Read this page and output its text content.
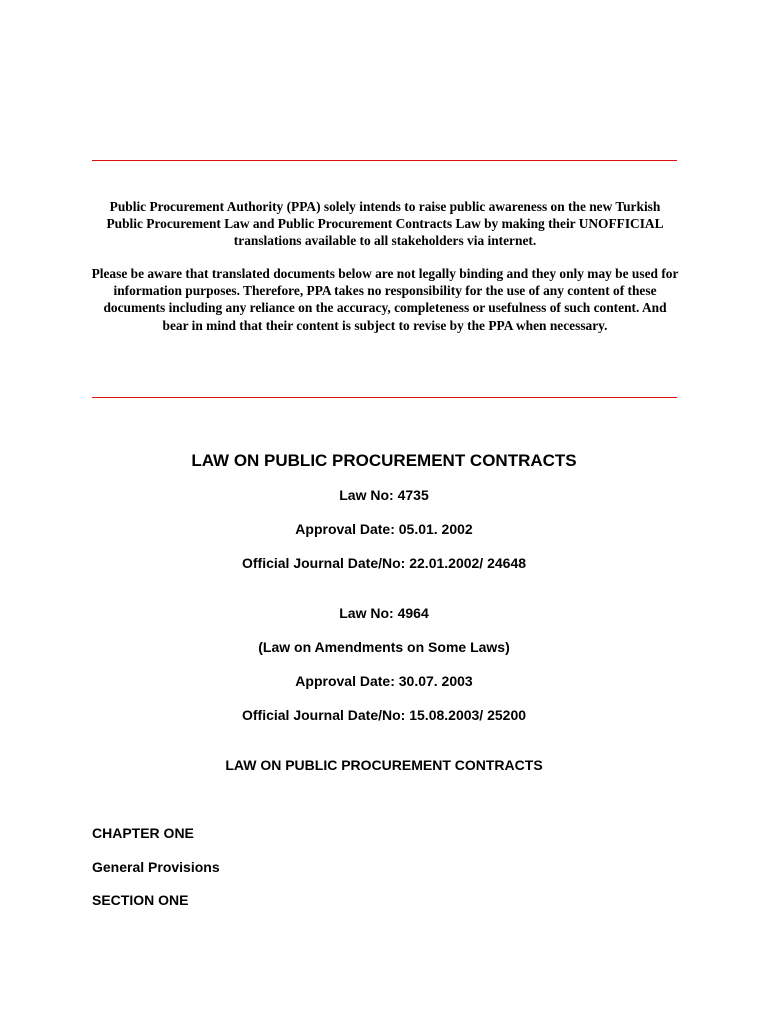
Public Procurement Authority (PPA) solely intends to raise public awareness on the new Turkish Public Procurement Law and Public Procurement Contracts Law by making their UNOFFICIAL translations available to all stakeholders via internet.

Please be aware that translated documents below are not legally binding and they only may be used for information purposes. Therefore, PPA takes no responsibility for the use of any content of these documents including any reliance on the accuracy, completeness or usefulness of such content. And bear in mind that their content is subject to revise by the PPA when necessary.

LAW ON PUBLIC PROCUREMENT CONTRACTS

Law No: 4735

Approval Date: 05.01. 2002

Official Journal Date/No: 22.01.2002/ 24648

Law No: 4964

(Law on Amendments on Some Laws)

Approval Date: 30.07. 2003

Official Journal Date/No: 15.08.2003/ 25200

LAW ON PUBLIC PROCUREMENT CONTRACTS

CHAPTER ONE

General Provisions

SECTION ONE
